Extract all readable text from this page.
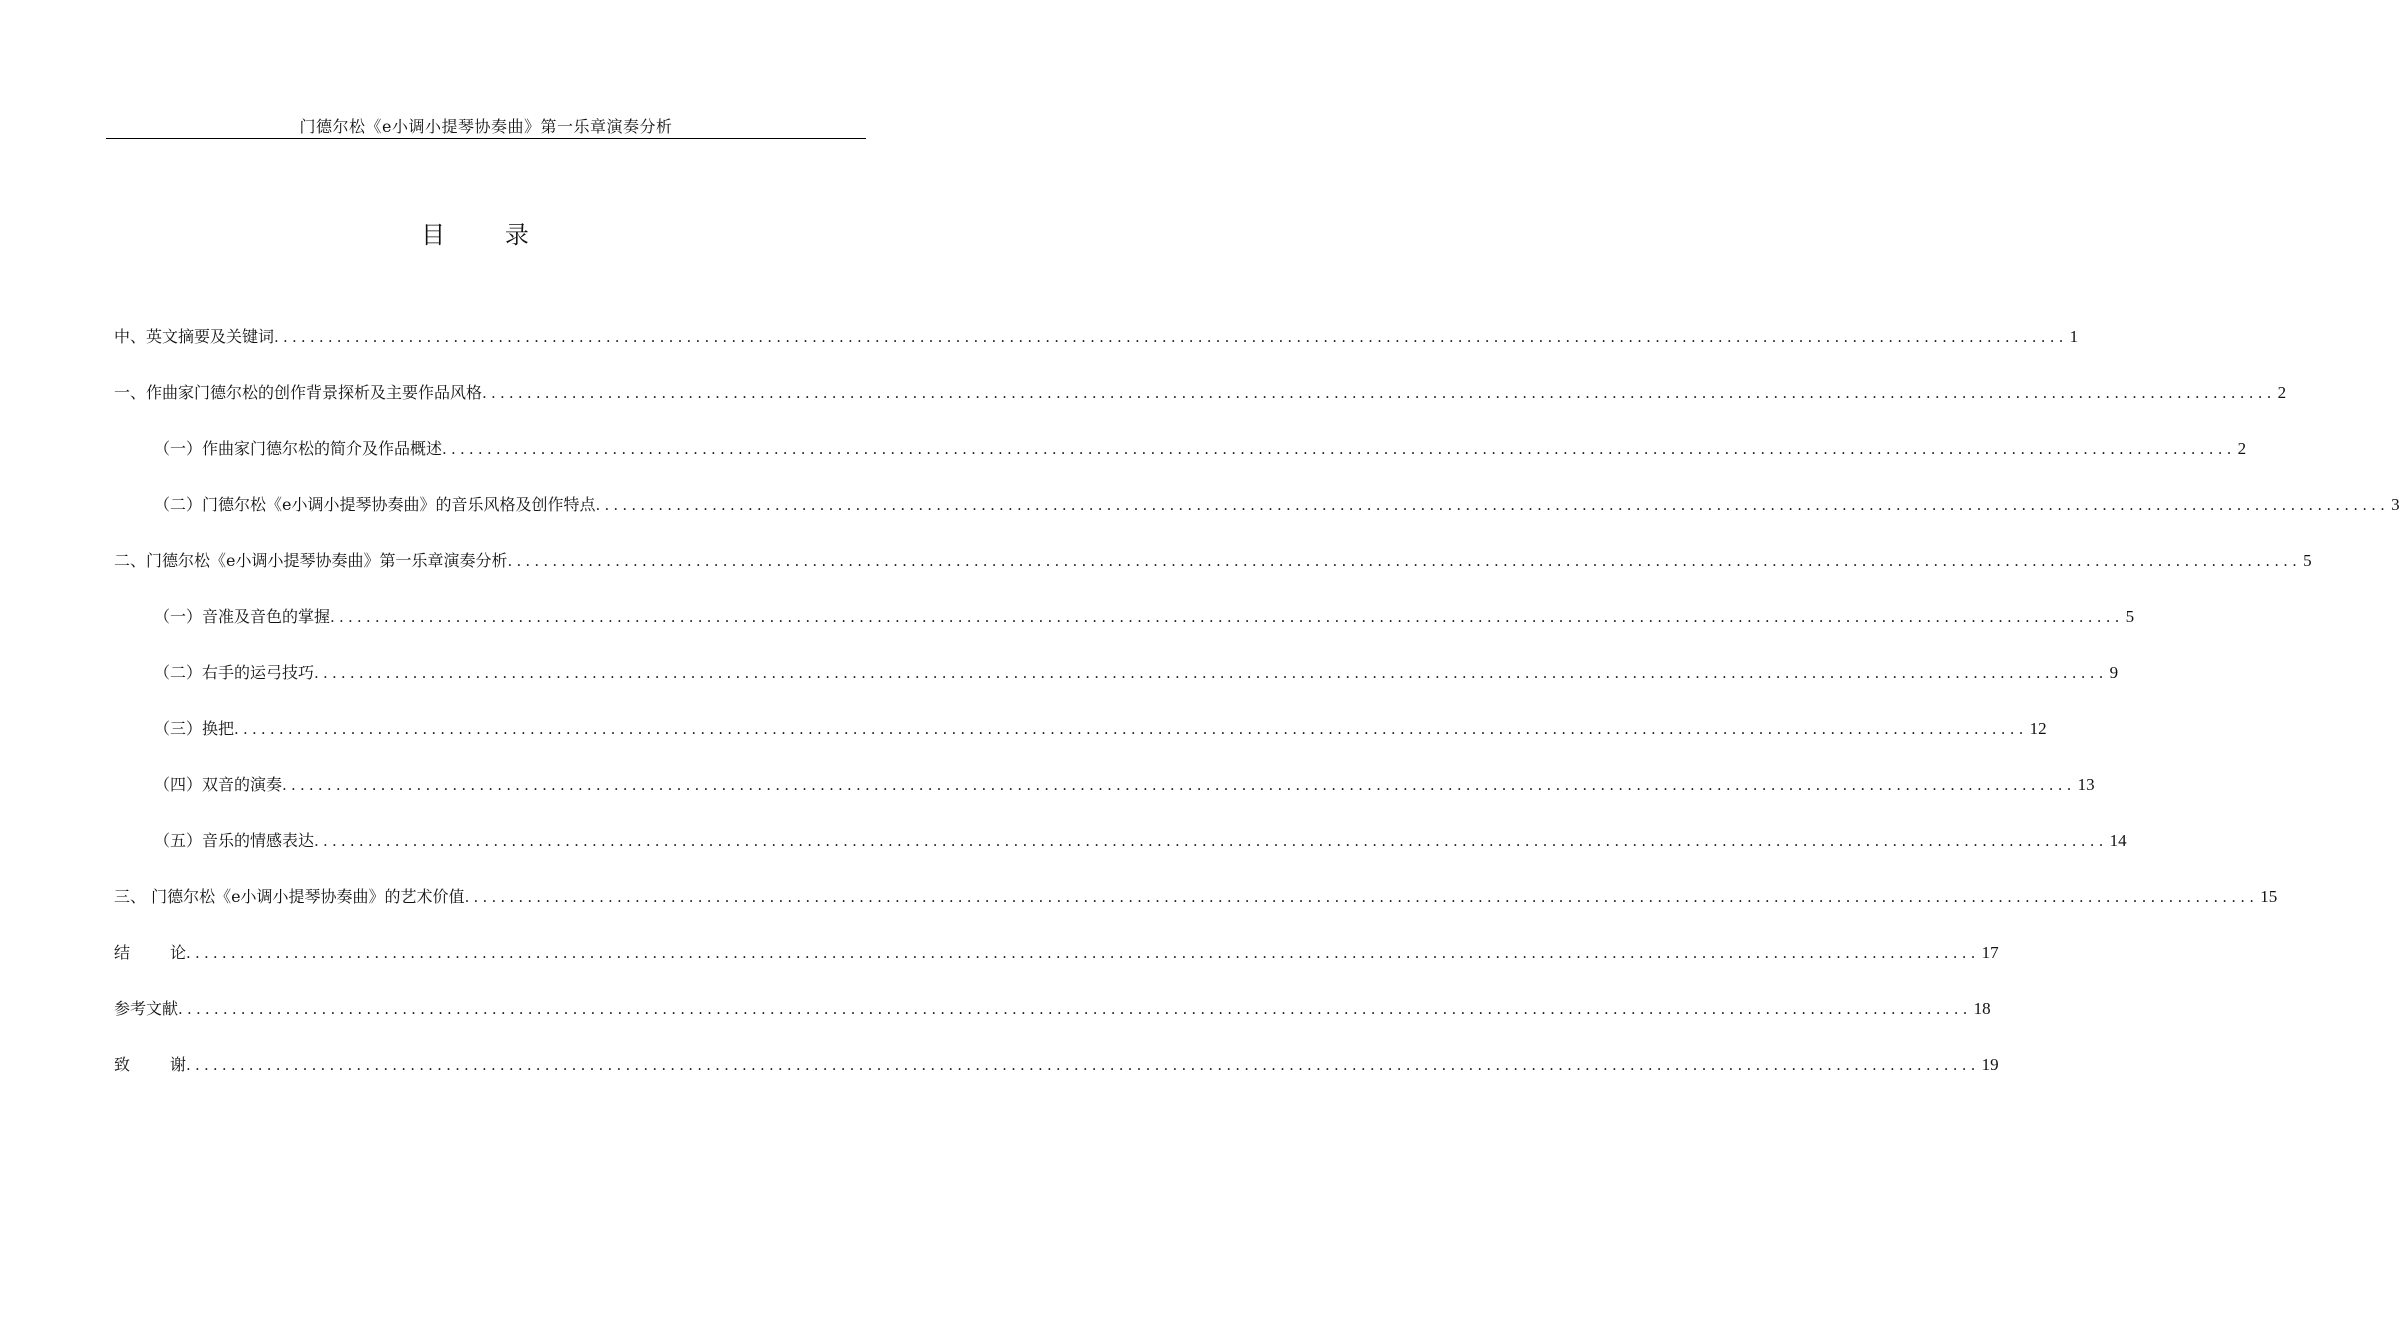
门德尔松《e小调小提琴协奏曲》第一乐章演奏分析
目 录
中、英文摘要及关键词 ........................................................................................................................................................................................................ 1
一、作曲家门德尔松的创作背景探析及主要作品风格 ........................................................................................................................................................................................................ 2
（一）作曲家门德尔松的简介及作品概述 ........................................................................................................................................................................................................ 2
（二）门德尔松《e小调小提琴协奏曲》的音乐风格及创作特点 ........................................................................................................................................................................................................ 3
二、门德尔松《e小调小提琴协奏曲》第一乐章演奏分析 ........................................................................................................................................................................................................ 5
（一）音准及音色的掌握 ........................................................................................................................................................................................................ 5
（二）右手的运弓技巧 ........................................................................................................................................................................................................ 9
（三）换把 ........................................................................................................................................................................................................ 12
（四）双音的演奏 ........................................................................................................................................................................................................ 13
（五）音乐的情感表达 ........................................................................................................................................................................................................ 14
三、 门德尔松《e小调小提琴协奏曲》的艺术价值 ........................................................................................................................................................................................................ 15
结	论 ........................................................................................................................................................................................................ 17
参考文献 ........................................................................................................................................................................................................ 18
致	谢 ........................................................................................................................................................................................................ 19
